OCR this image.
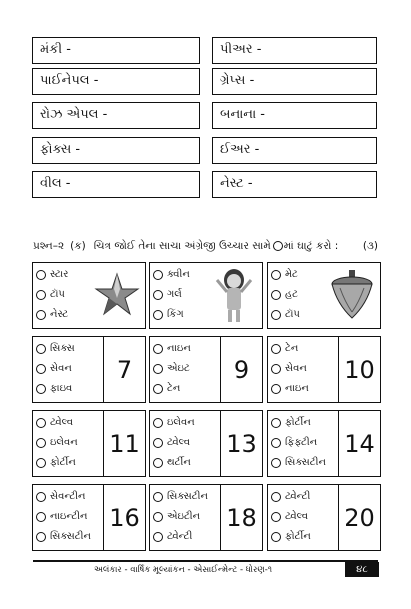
મંકી -	પીઅર -
પાઈનેપલ -	ગ્રેપ્સ -
રોઝ એપલ -	બનાના -
ફોક્સ -	ઈઅર -
વીલ -	નેસ્ટ -
પ્રશ્ન–૨ (ક) ચિત્ર જોઈ તેના સાચા અંગ્રેજી ઉચ્ચાર સામે માં ઘાટું કરો : (૩)
સ્ટાર
ટૉપ
નેસ્ટ
ક્વીન
ગર્લ
કિંગ
મેટ
હટ
ટૉપ
સિક્સ
સેવન
ફાઇવ
7
નાઇન
એઇટ
ટેન
9
ટેન
સેવન
નાઇન
10
ટ્વેલ્વ
ઇલેવન
ફોર્ટીન
11
ઇલેવન
ટ્વેલ્વ
થર્ટીન
13
ફોર્ટીન
ફિફ્ટીન
સિક્સટીન
14
સેવન્ટીન
નાઇન્ટીન
સિક્સટીન
16
સિક્સટીન
એઇટીન
ટ્વેન્ટી
18
ટ્વેન્ટી
ટ્વેલ્વ
ફોર્ટીન
20
અલંકાર - વાર્ષિક મૂલ્યાંકન - એસાઈન્મેન્ટ - ધોરણ-૧	૪૮
